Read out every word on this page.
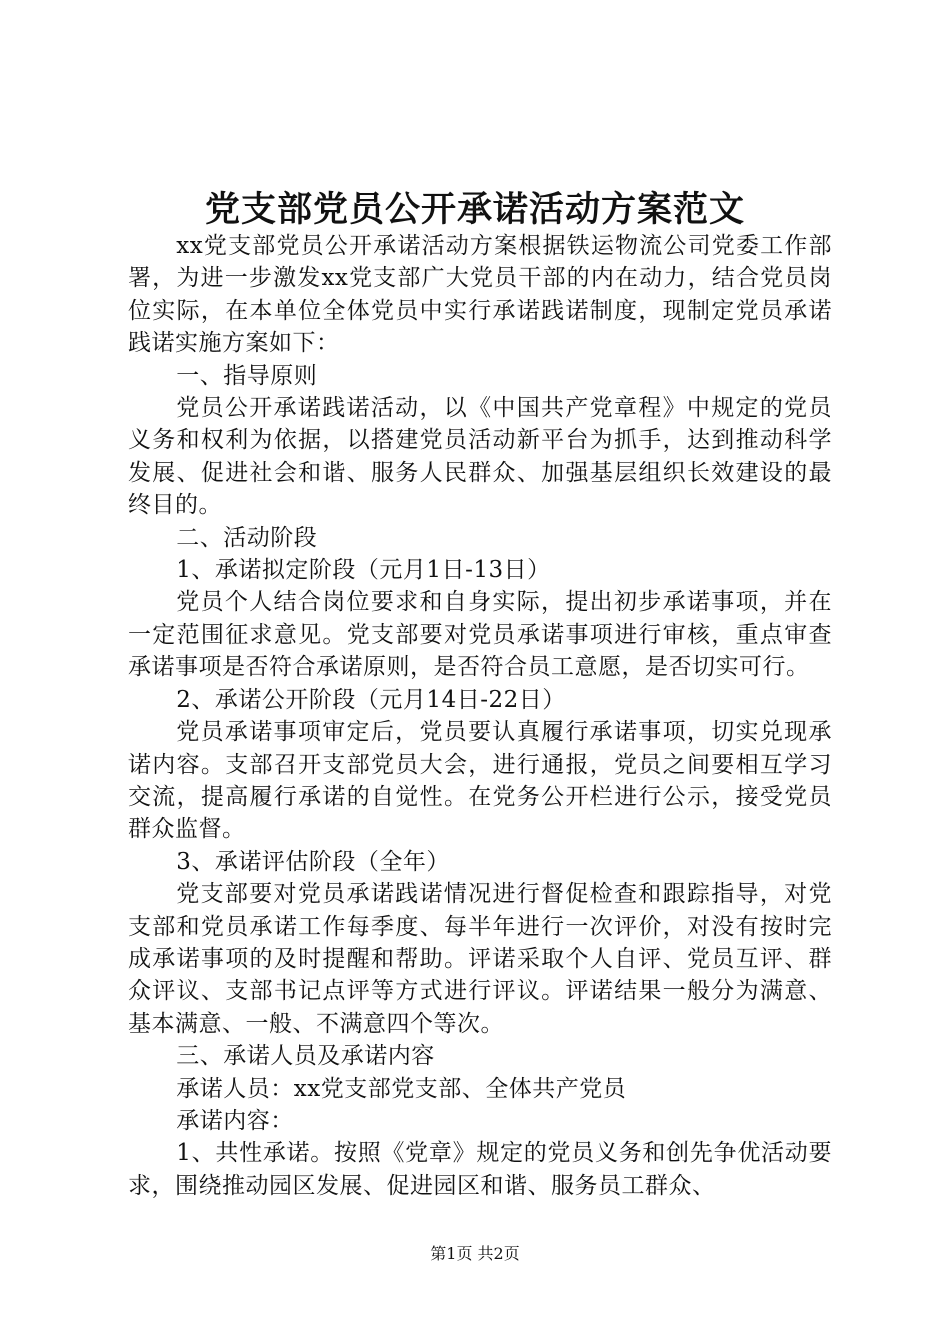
党支部党员公开承诺活动方案范文

xx党支部党员公开承诺活动方案根据铁运物流公司党委工作部署，为进一步激发xx党支部广大党员干部的内在动力，结合党员岗位实际，在本单位全体党员中实行承诺践诺制度，现制定党员承诺践诺实施方案如下：

一、指导原则

党员公开承诺践诺活动，以《中国共产党章程》中规定的党员义务和权利为依据，以搭建党员活动新平台为抓手，达到推动科学发展、促进社会和谐、服务人民群众、加强基层组织长效建设的最终目的。

二、活动阶段

1、承诺拟定阶段（元月1日-13日）

党员个人结合岗位要求和自身实际，提出初步承诺事项，并在一定范围征求意见。党支部要对党员承诺事项进行审核，重点审查承诺事项是否符合承诺原则，是否符合员工意愿，是否切实可行。

2、承诺公开阶段（元月14日-22日）

党员承诺事项审定后，党员要认真履行承诺事项，切实兑现承诺内容。支部召开支部党员大会，进行通报，党员之间要相互学习交流，提高履行承诺的自觉性。在党务公开栏进行公示，接受党员群众监督。

3、承诺评估阶段（全年）

党支部要对党员承诺践诺情况进行督促检查和跟踪指导，对党支部和党员承诺工作每季度、每半年进行一次评价，对没有按时完成承诺事项的及时提醒和帮助。评诺采取个人自评、党员互评、群众评议、支部书记点评等方式进行评议。评诺结果一般分为满意、基本满意、一般、不满意四个等次。

三、承诺人员及承诺内容

承诺人员：xx党支部党支部、全体共产党员

承诺内容：

1、共性承诺。按照《党章》规定的党员义务和创先争优活动要求，围绕推动园区发展、促进园区和谐、服务员工群众、

第1页 共2页
